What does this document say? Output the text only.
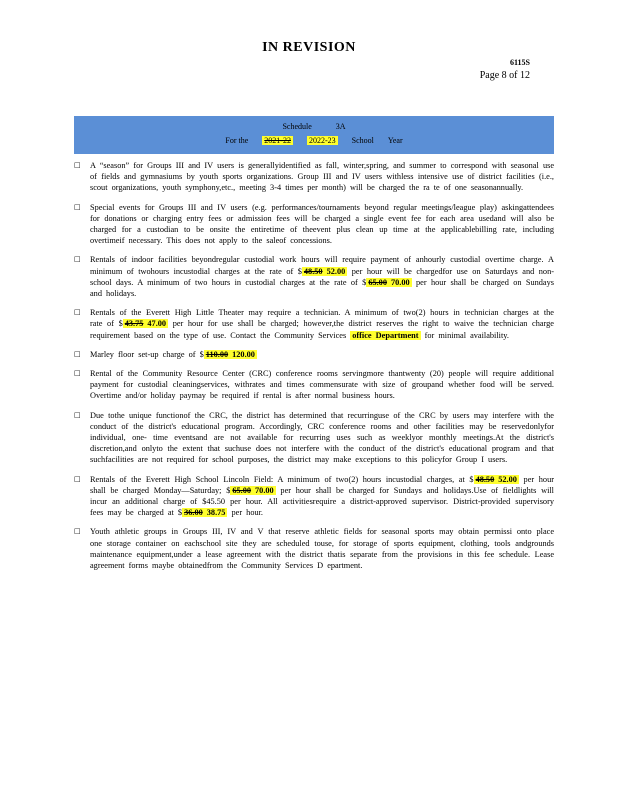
IN REVISION
6115S
Page 8 of 12
Schedule	3A
For the 2021-22 2022-23 School Year
□ A “season” for Groups III and IV users is generallyidentified as fall, winter,spring, and summer to correspond with seasonal use of fields and gymnasiums by youth sports organizations. Group III and IV users withless intensive use of district facilities (i.e., scout organizations, youth symphony,etc., meeting 3-4 times per month) will be charged the ra te of one seasonannually.
□ Special events for Groups III and IV users (e.g. performances/tournaments beyond regular meetings/league play) askingattendees for donations or charging entry fees or admission fees will be charged a single event fee for each area usedand will also be charged for a custodian to be onsite the entiretime of theevent plus clean up time at the applicablebilling rate, including overtimeif necessary. This does not apply to the saleof concessions.
□ Rentals of indoor facilities beyondregular custodial work hours will require payment of anhourly custodial overtime charge. A minimum of twohours incustodial charges at the rate of $ 48.50 52.00 per hour will be chargedfor use on Saturdays and non-school days. A minimum of two hours in custodial charges at the rate of $ 65.00 70.00 per hour shall be charged on Sundays and holidays.
□ Rentals of the Everett High Little Theater may require a technician. A minimum of two(2) hours in technician charges at the rate of $ 43.75 47.00 per hour for use shall be charged; however,the district reserves the right to waive the technician charge requirement based on the type of use. Contact the Community Services office Department for minimal availability.
□ Marley floor set-up charge of $ 110.00 120.00
□ Rental of the Community Resource Center (CRC) conference rooms servingmore thantwenty (20) people will require additional payment for custodial cleaningservices, withrates and times commensurate with size of groupand whether food will be served. Overtime and/or holiday paymay be required if rental is after normal business hours.
□ Due tothe unique functionof the CRC, the district has determined that recurringuse of the CRC by users may interfere with the conduct of the district's educational program. Accordingly, CRC conference rooms and other facilities may be reservedonlyfor individual, one- time eventsand are not available for recurring uses such as weeklyor monthly meetings.At the district's discretion,and onlyto the extent that suchuse does not interfere with the conduct of the district's educational program and that suchfacilities are not required for school purposes, the district may make exceptions to this policyfor Group I users.
□ Rentals of the Everett High School Lincoln Field: A minimum of two(2) hours incustodial charges, at $ 48.50 52.00 per hour shall be charged Monday—Saturday; $ 65.00 70.00 per hour shall be charged for Sundays and holidays.Use of fieldlights will incur an additional charge of $45.50 per hour. All activitiesrequire a district-approved supervisor. District-provided supervisory fees may be charged at $ 36.00 38.75 per hour.
□ Youth athletic groups in Groups III, IV and V that reserve athletic fields for seasonal sports may obtain permissi onto place one storage container on eachschool site they are scheduled touse, for storage of sports equipment, clothing, tools andgrounds maintenance equipment,under a lease agreement with the district thatis separate from the provisions in this fee schedule. Lease agreement forms maybe obtainedfrom the Community Services D epartment.
